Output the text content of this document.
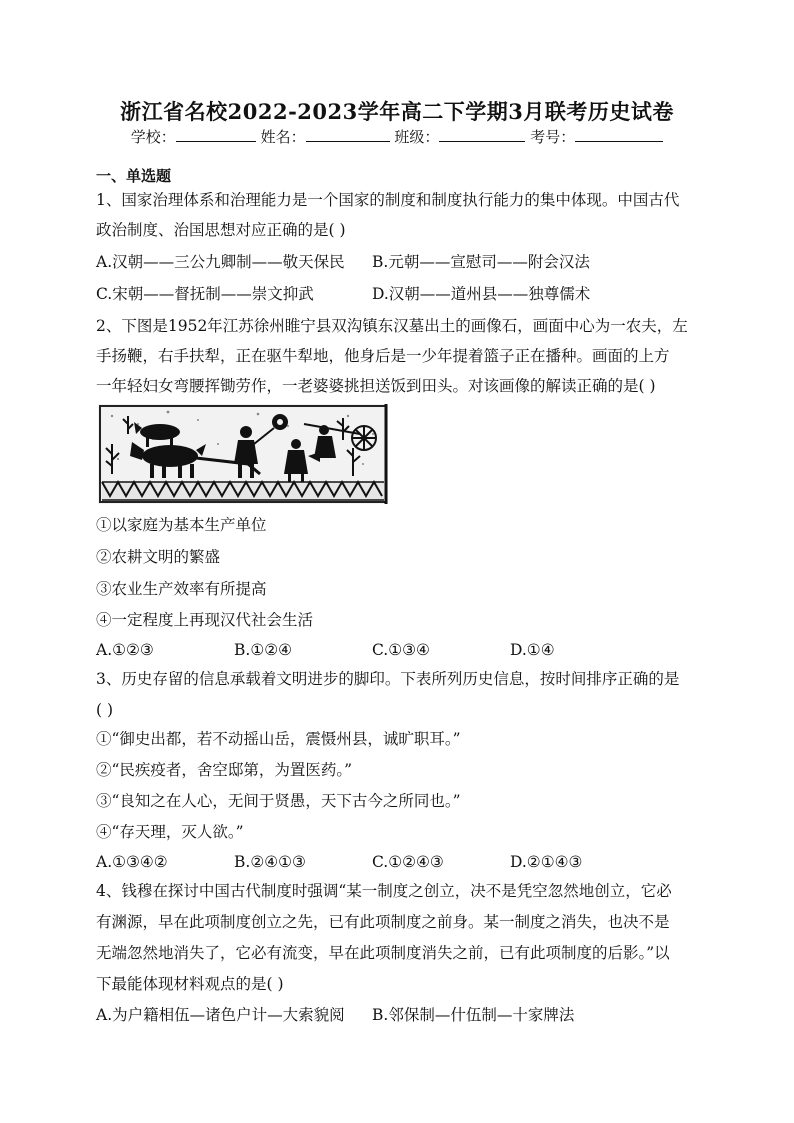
浙江省名校2022-2023学年高二下学期3月联考历史试卷
学校：	姓名：	班级：	考号：
一、单选题
1、国家治理体系和治理能力是一个国家的制度和制度执行能力的集中体现。中国古代
政治制度、治国思想对应正确的是( )
A.汉朝——三公九卿制——敬天保民 B.元朝——宣慰司——附会汉法
C.宋朝——督抚制——崇文抑武	D.汉朝——道州县——独尊儒术
2、下图是1952年江苏徐州睢宁县双沟镇东汉墓出土的画像石，画面中心为一农夫，左
手扬鞭，右手扶犁，正在驱牛犁地，他身后是一少年提着篮子正在播种。画面的上方
一年轻妇女弯腰挥锄劳作，一老婆婆挑担送饭到田头。对该画像的解读正确的是( )
①以家庭为基本生产单位
②农耕文明的繁盛
③农业生产效率有所提高
④一定程度上再现汉代社会生活
A.①②③	B.①②④	C.①③④	D.①④
3、历史存留的信息承载着文明进步的脚印。下表所列历史信息，按时间排序正确的是
( )
①“御史出都，若不动摇山岳，震慑州县，诚旷职耳。”
②“民疾疫者，舍空邸第，为置医药。”
③“良知之在人心，无间于贤愚，天下古今之所同也。”
④“存天理，灭人欲。”
A.①③④②	B.②④①③	C.①②④③	D.②①④③
4、钱穆在探讨中国古代制度时强调“某一制度之创立，决不是凭空忽然地创立，它必
有渊源，早在此项制度创立之先，已有此项制度之前身。某一制度之消失，也决不是
无端忽然地消失了，它必有流变，早在此项制度消失之前，已有此项制度的后影。”以
下最能体现材料观点的是( )
A.为户籍相伍—诸色户计—大索貌阅 B.邻保制—什伍制—十家牌法
